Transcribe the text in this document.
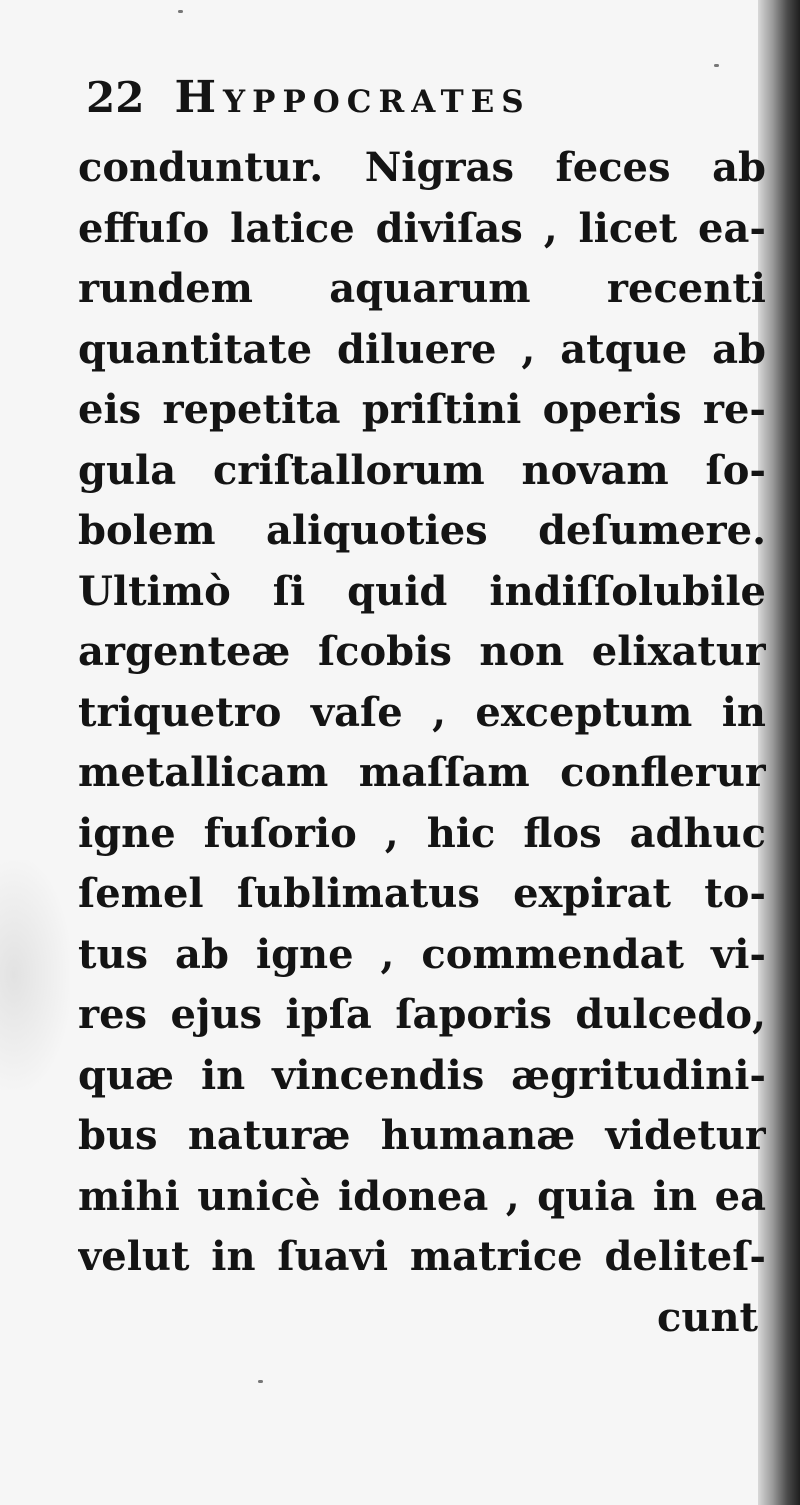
22 Hyppocrates
conduntur. Nigras feces ab
effuſo latice diviſas , licet ea-
rundem aquarum recenti
quantitate diluere , atque ab
eis repetita priſtini operis re-
gula criſtallorum novam ſo-
bolem aliquoties deſumere.
Ultimò ſi quid indiſſolubile
argenteæ ſcobis non elixatur
triquetro vaſe , exceptum in
metallicam maſſam conflerur
igne fuſorio , hic flos adhuc
ſemel ſublimatus expirat to-
tus ab igne , commendat vi-
res ejus ipſa ſaporis dulcedo,
quæ in vincendis ægritudini-
bus naturæ humanæ videtur
mihi unicè idonea , quia in ea
velut in ſuavi matrice deliteſ-
cunt
